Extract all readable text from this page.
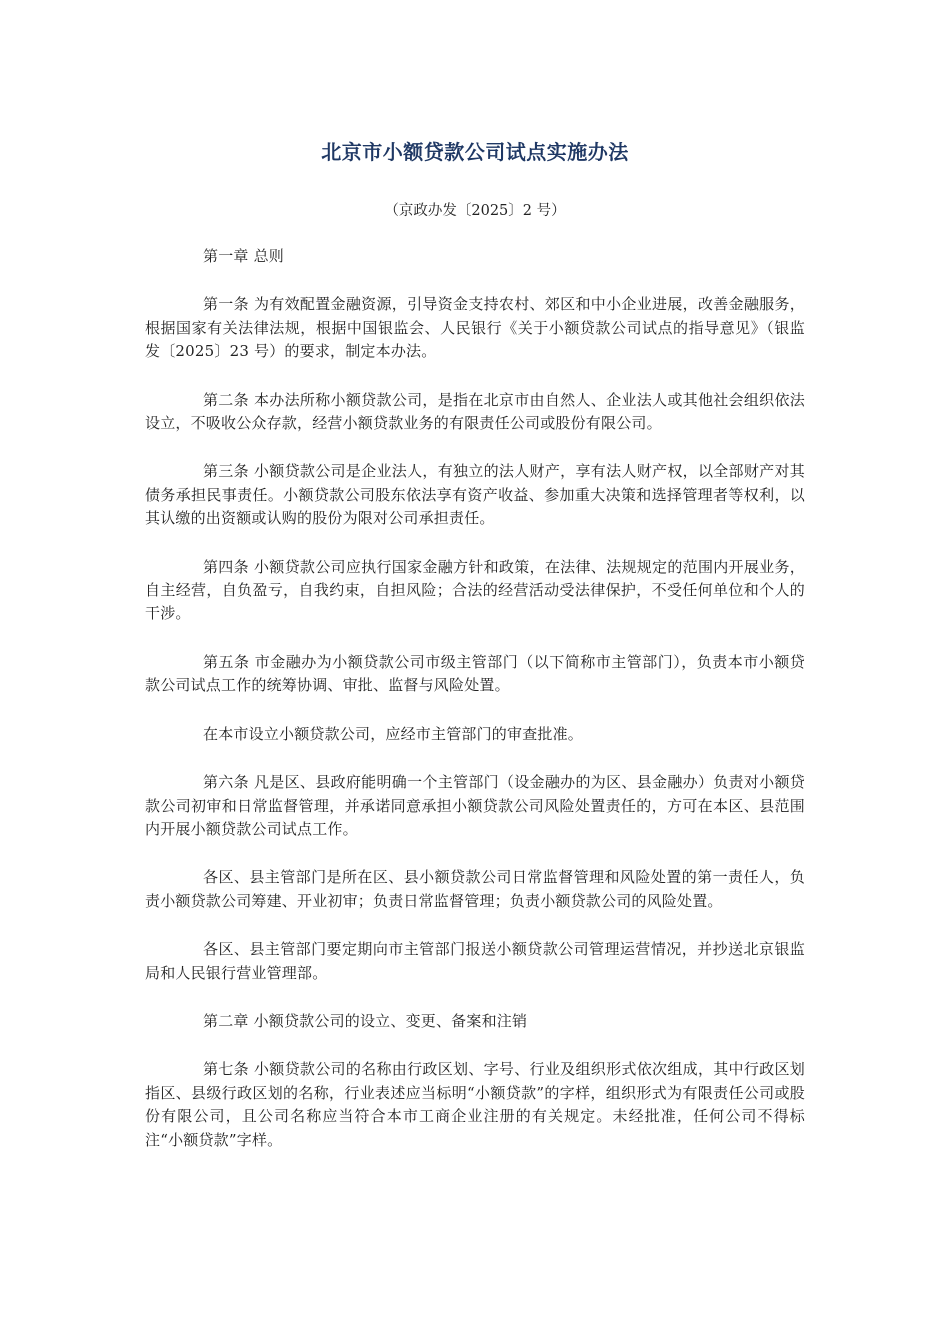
北京市小额贷款公司试点实施办法

（京政办发〔2025〕2 号）

第一章 总则

第一条 为有效配置金融资源，引导资金支持农村、郊区和中小企业进展，改善金融服务，根据国家有关法律法规，根据中国银监会、人民银行《关于小额贷款公司试点的指导意见》（银监发〔2025〕23 号）的要求，制定本办法。

第二条 本办法所称小额贷款公司，是指在北京市由自然人、企业法人或其他社会组织依法设立，不吸收公众存款，经营小额贷款业务的有限责任公司或股份有限公司。

第三条 小额贷款公司是企业法人，有独立的法人财产，享有法人财产权，以全部财产对其债务承担民事责任。小额贷款公司股东依法享有资产收益、参加重大决策和选择管理者等权利，以其认缴的出资额或认购的股份为限对公司承担责任。

第四条 小额贷款公司应执行国家金融方针和政策，在法律、法规规定的范围内开展业务，自主经营，自负盈亏，自我约束，自担风险；合法的经营活动受法律保护，不受任何单位和个人的干涉。

第五条 市金融办为小额贷款公司市级主管部门（以下简称市主管部门），负责本市小额贷款公司试点工作的统筹协调、审批、监督与风险处置。

在本市设立小额贷款公司，应经市主管部门的审查批准。

第六条 凡是区、县政府能明确一个主管部门（设金融办的为区、县金融办）负责对小额贷款公司初审和日常监督管理，并承诺同意承担小额贷款公司风险处置责任的，方可在本区、县范围内开展小额贷款公司试点工作。

各区、县主管部门是所在区、县小额贷款公司日常监督管理和风险处置的第一责任人，负责小额贷款公司筹建、开业初审；负责日常监督管理；负责小额贷款公司的风险处置。

各区、县主管部门要定期向市主管部门报送小额贷款公司管理运营情况，并抄送北京银监局和人民银行营业管理部。

第二章 小额贷款公司的设立、变更、备案和注销

第七条 小额贷款公司的名称由行政区划、字号、行业及组织形式依次组成，其中行政区划指区、县级行政区划的名称，行业表述应当标明“小额贷款”的字样，组织形式为有限责任公司或股份有限公司，且公司名称应当符合本市工商企业注册的有关规定。未经批准，任何公司不得标注“小额贷款”字样。
